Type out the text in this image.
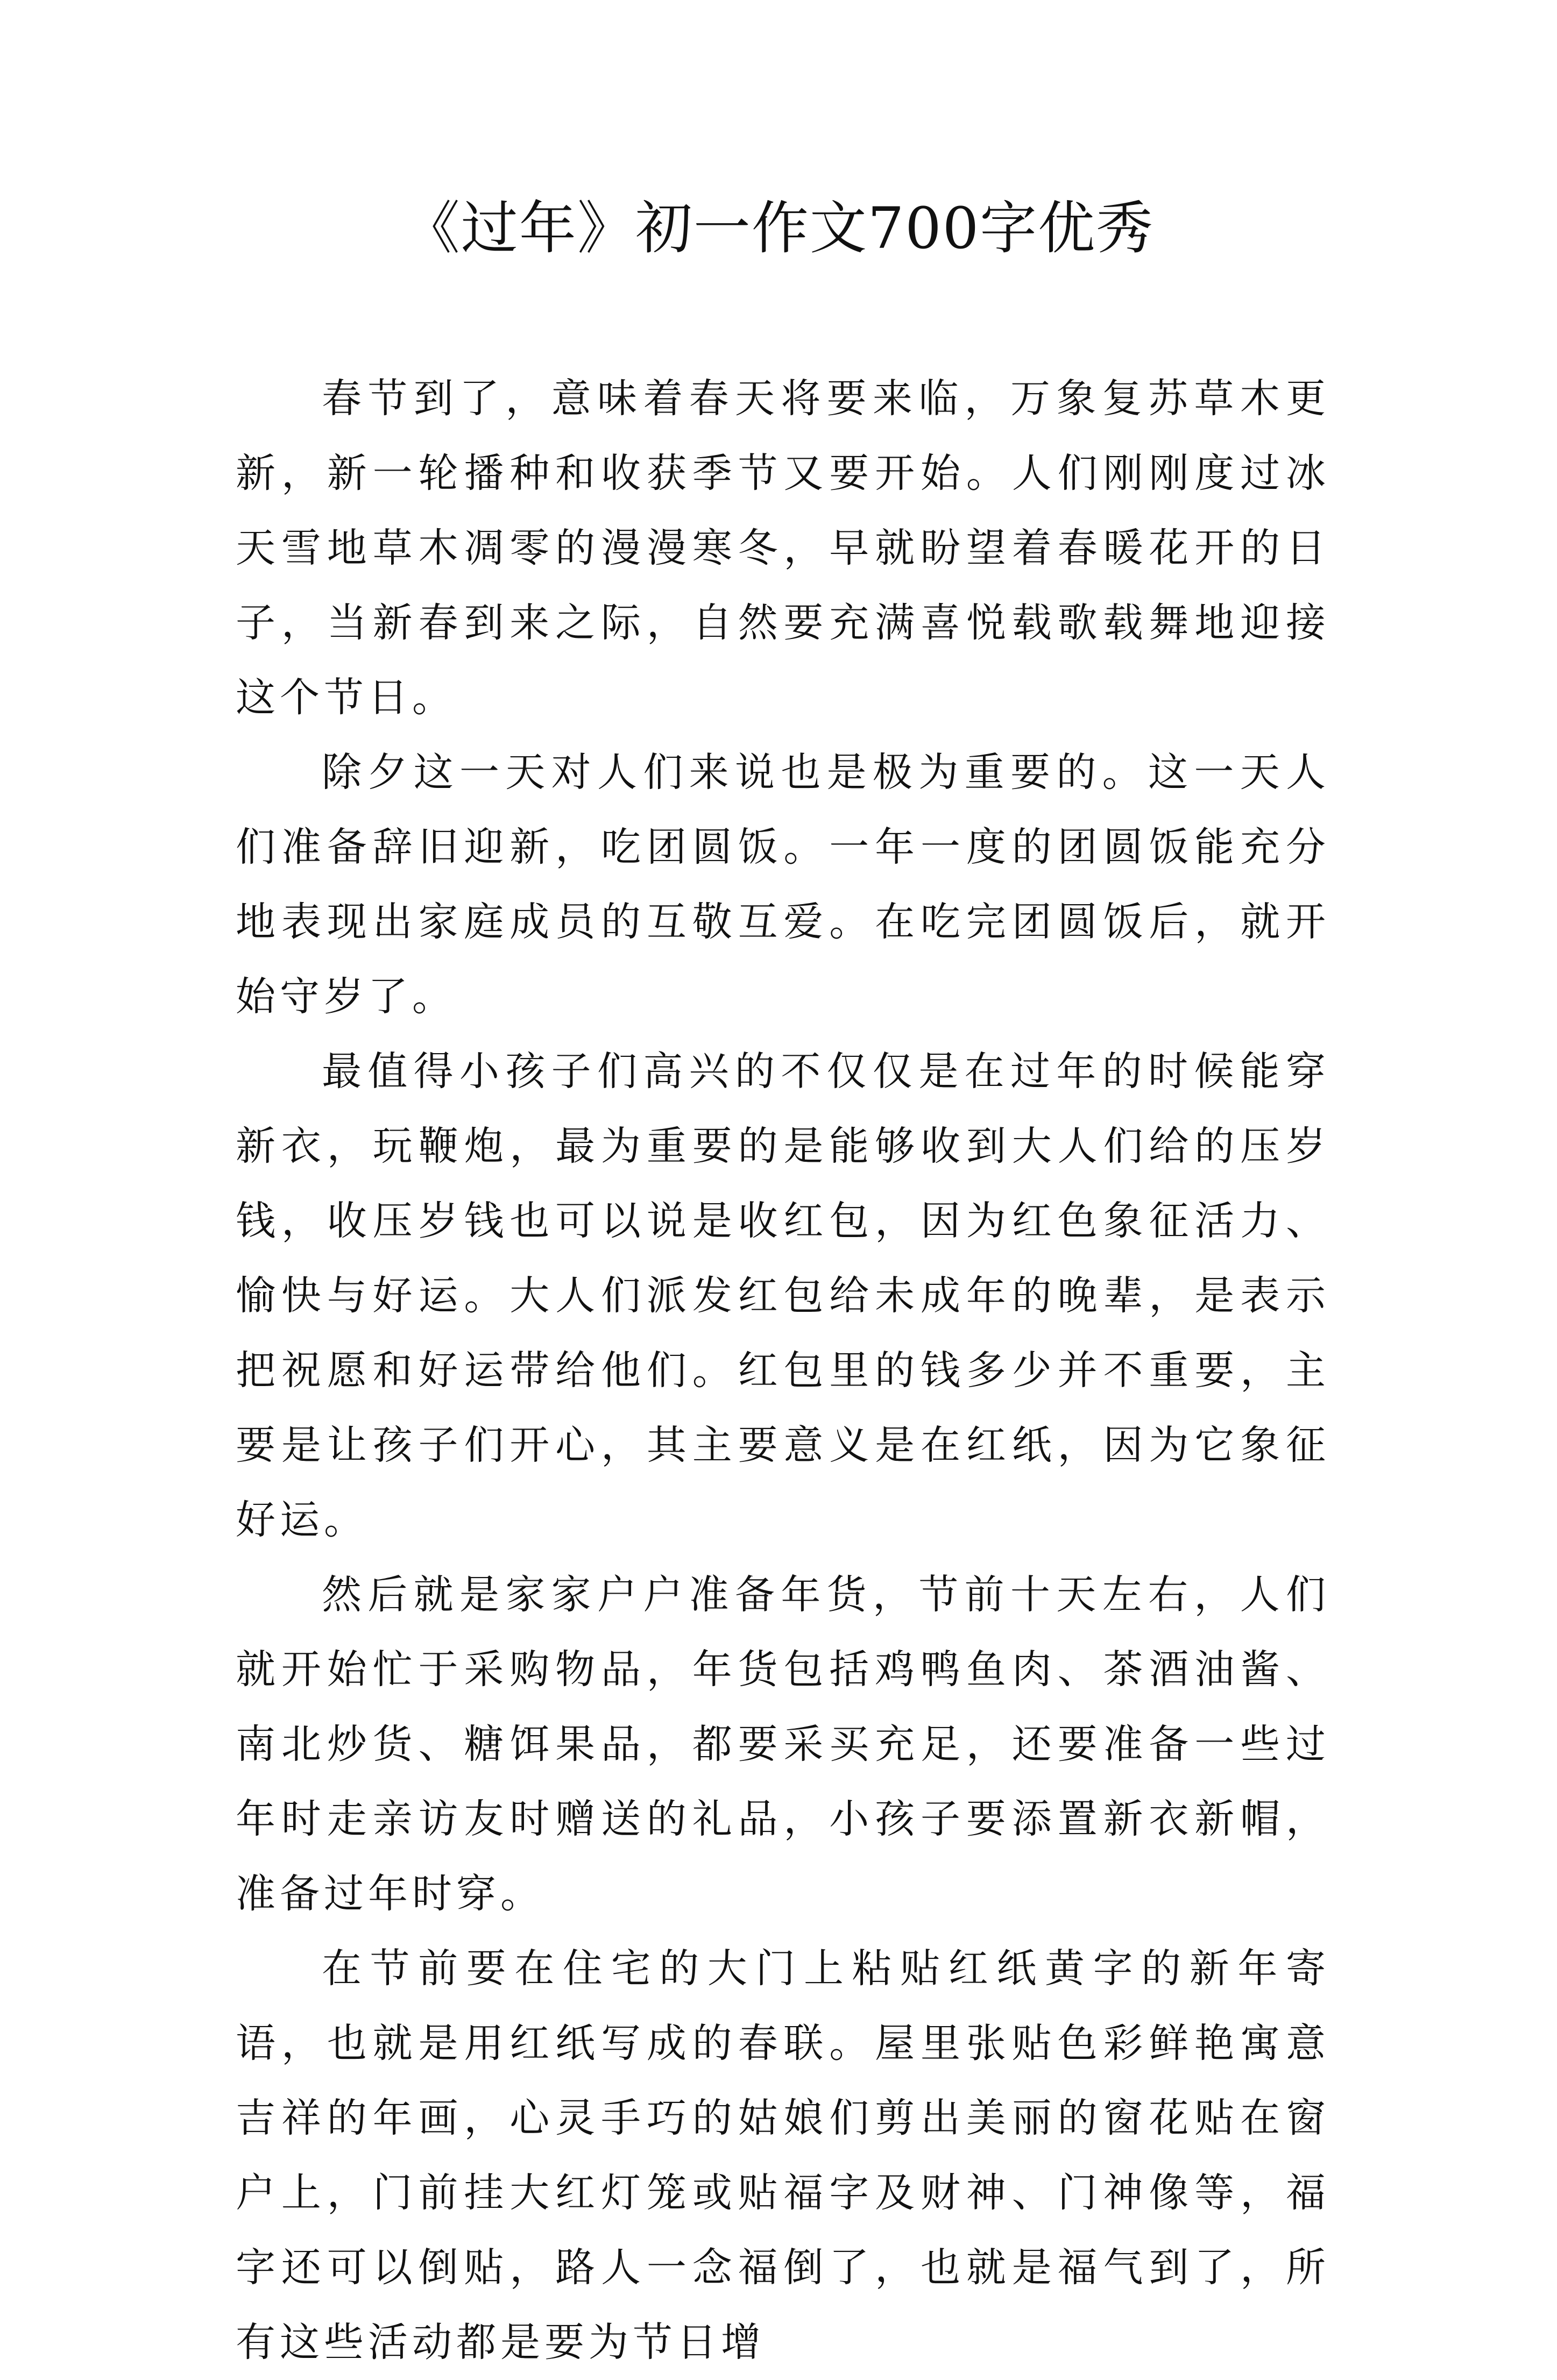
《过年》初一作文700字优秀

春节到了，意味着春天将要来临，万象复苏草木更新，新一轮播种和收获季节又要开始。人们刚刚度过冰天雪地草木凋零的漫漫寒冬，早就盼望着春暖花开的日子，当新春到来之际，自然要充满喜悦载歌载舞地迎接这个节日。

除夕这一天对人们来说也是极为重要的。这一天人们准备辞旧迎新，吃团圆饭。一年一度的团圆饭能充分地表现出家庭成员的互敬互爱。在吃完团圆饭后，就开始守岁了。

最值得小孩子们高兴的不仅仅是在过年的时候能穿新衣，玩鞭炮，最为重要的是能够收到大人们给的压岁钱，收压岁钱也可以说是收红包，因为红色象征活力、愉快与好运。大人们派发红包给未成年的晚辈，是表示把祝愿和好运带给他们。红包里的钱多少并不重要，主要是让孩子们开心，其主要意义是在红纸，因为它象征好运。

然后就是家家户户准备年货，节前十天左右，人们就开始忙于采购物品，年货包括鸡鸭鱼肉、茶酒油酱、南北炒货、糖饵果品，都要采买充足，还要准备一些过年时走亲访友时赠送的礼品，小孩子要添置新衣新帽，准备过年时穿。

在节前要在住宅的大门上粘贴红纸黄字的新年寄语，也就是用红纸写成的春联。屋里张贴色彩鲜艳寓意吉祥的年画，心灵手巧的姑娘们剪出美丽的窗花贴在窗户上，门前挂大红灯笼或贴福字及财神、门神像等，福字还可以倒贴，路人一念福倒了，也就是福气到了，所有这些活动都是要为节日增
